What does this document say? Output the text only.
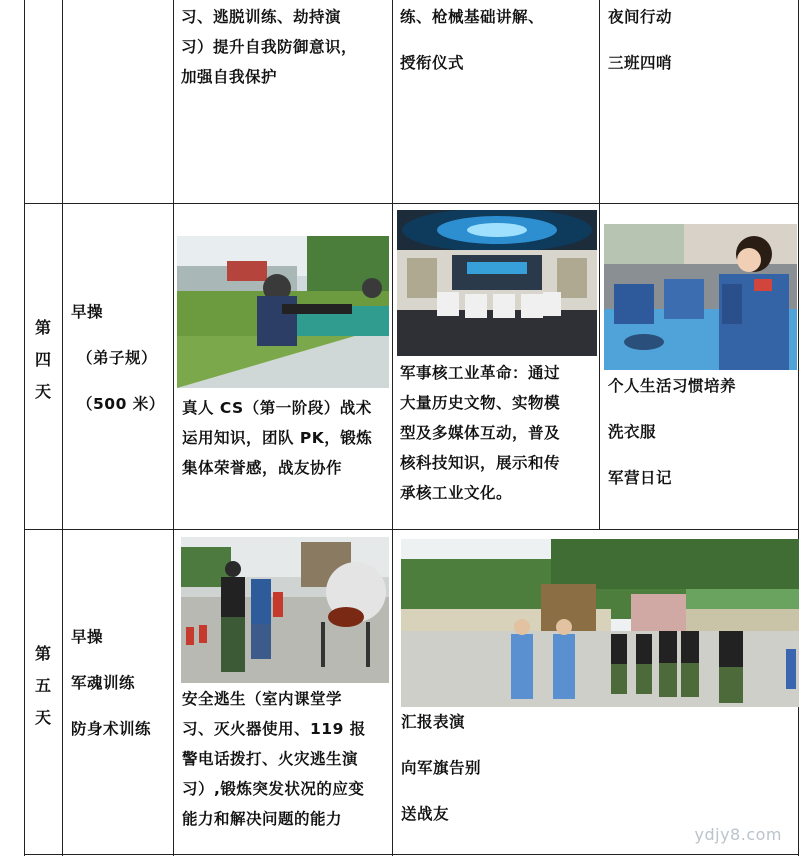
习、逃脱训练、劫持演
习）提升自我防御意识，
加强自我保护
练、枪械基础讲解、
授衔仪式
夜间行动
三班四哨
第
四
天
早操
（弟子规）
（500 米）	真人 CS（第一阶段）战术
运用知识，团队 PK，锻炼
集体荣誉感，战友协作
军事核工业革命：通过
大量历史文物、实物模
型及多媒体互动，普及
核科技知识，展示和传
承核工业文化。
个人生活习惯培养
洗衣服
军营日记
第
五
天
早操
军魂训练
防身术训练
安全逃生（室内课堂学
习、灭火器使用、119 报
警电话拨打、火灾逃生演
习）,锻炼突发状况的应变
能力和解决问题的能力
汇报表演
向军旗告别
送战友
ydjy8.com
